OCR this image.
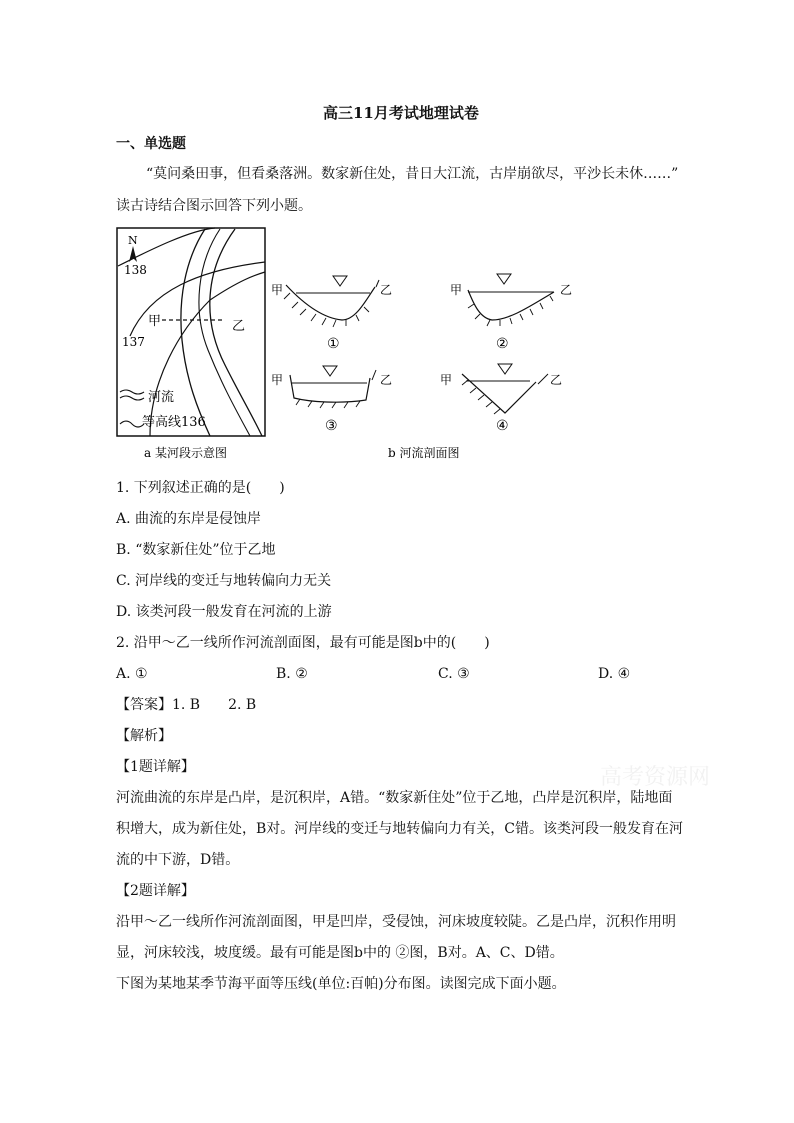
高三11月考试地理试卷
一、单选题
“莫问桑田事，但看桑落洲。数家新住处，昔日大江流，古岸崩欲尽，平沙长未休……”
读古诗结合图示回答下列小题。
N
138
137
甲	乙
河流
等高线136
a 某河段示意图
甲	乙
①
甲	乙
②
甲	乙
③
甲	乙
④
b 河流剖面图
1. 下列叙述正确的是(　　)
A. 曲流的东岸是侵蚀岸
B. “数家新住处”位于乙地
C. 河岸线的变迁与地转偏向力无关
D. 该类河段一般发育在河流的上游
2. 沿甲～乙一线所作河流剖面图，最有可能是图b中的(　　)
A. ①	B. ②	C. ③	D. ④
【答案】1. B　　2. B
【解析】
【1题详解】
河流曲流的东岸是凸岸，是沉积岸，A错。“数家新住处”位于乙地，凸岸是沉积岸，陆地面
积增大，成为新住处，B对。河岸线的变迁与地转偏向力有关，C错。该类河段一般发育在河
流的中下游，D错。
【2题详解】
沿甲～乙一线所作河流剖面图，甲是凹岸，受侵蚀，河床坡度较陡。乙是凸岸，沉积作用明
显，河床较浅，坡度缓。最有可能是图b中的 ②图，B对。A、C、D错。
下图为某地某季节海平面等压线(单位:百帕)分布图。读图完成下面小题。
高考资源网
